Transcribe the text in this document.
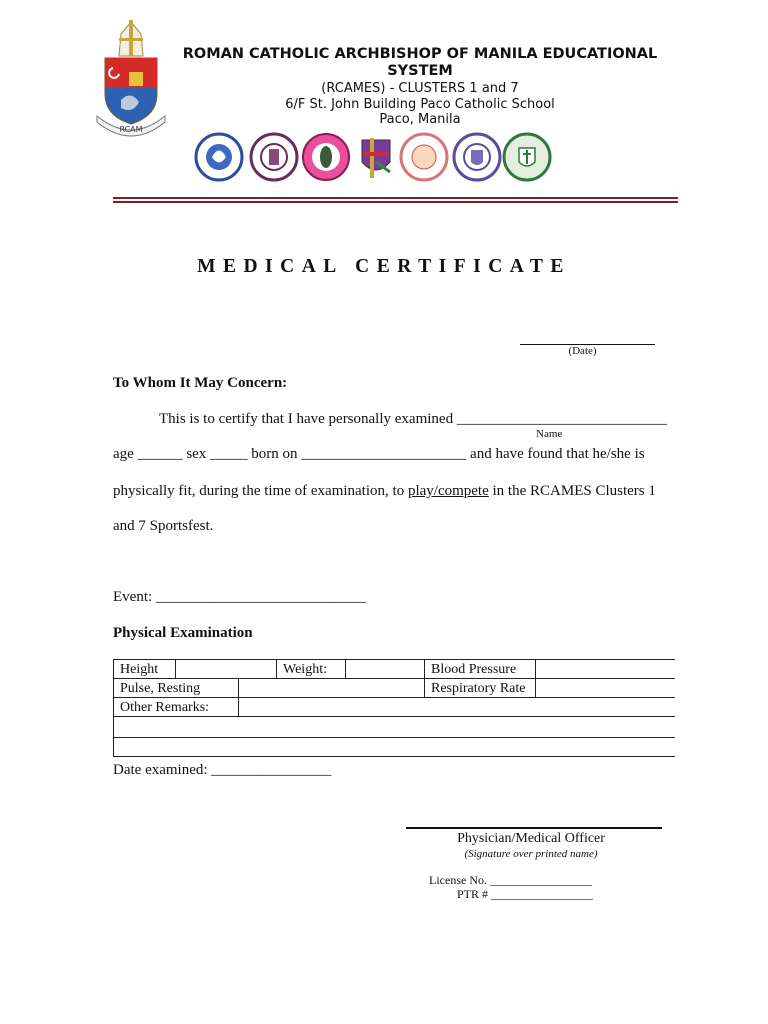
RCAM
ROMAN CATHOLIC ARCHBISHOP OF MANILA EDUCATIONAL
SYSTEM
(RCAMES) - CLUSTERS 1 and 7
6/F St. John Building Paco Catholic School
Paco, Manila
MEDICAL CERTIFICATE
(Date)
To Whom It May Concern:
This is to certify that I have personally examined ____________________________
Name
age ______ sex _____ born on ______________________ and have found that he/she is
physically fit, during the time of examination, to play/compete in the RCAMES Clusters 1
and 7 Sportsfest.
Event: ____________________________
Physical Examination
Height			Weight:		Blood Pressure	
Pulse, Resting					Respiratory Rate	
Other Remarks:						

Date examined: ________________
Physician/Medical Officer
(Signature over printed name)
License No. _________________
PTR # _________________
